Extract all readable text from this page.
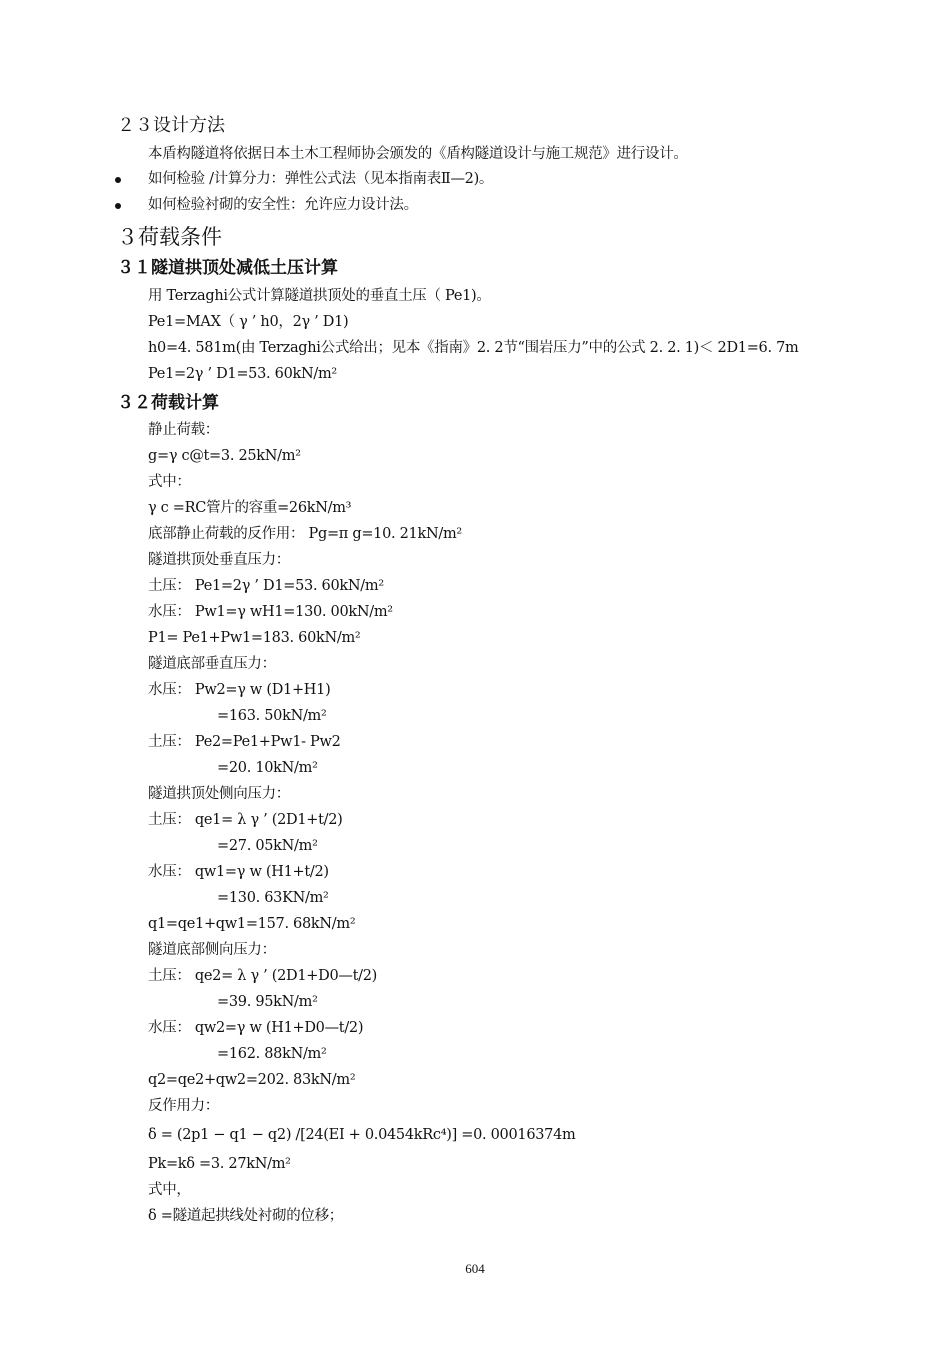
２３设计方法
本盾构隧道将依据日本土木工程师协会颁发的《盾构隧道设计与施工规范》进行设计。
如何检验 /计算分力：弹性公式法（见本指南表Ⅱ—2)。
如何检验衬砌的安全性：允许应力设计法。
３荷载条件
３１隧道拱顶处减低土压计算
用 Terzaghi公式计算隧道拱顶处的垂直土压（ Pe1)。
Pe1=MAX（ γ ’ h0，2γ ’ D1)
h0=4. 581m(由 Terzaghi公式给出；见本《指南》2. 2节“围岩压力”中的公式 2. 2. 1)＜ 2D1=6. 7m
Pe1=2γ ’ D1=53. 60kN/m²
３２荷载计算
静止荷载：
g=γ c@t=3. 25kN/m²
式中：
γ c =RC管片的容重=26kN/m³
底部静止荷载的反作用： Pg=π g=10. 21kN/m²
隧道拱顶处垂直压力：
土压： Pe1=2γ ’ D1=53. 60kN/m²
水压： Pw1=γ wH1=130. 00kN/m²
P1= Pe1+Pw1=183. 60kN/m²
隧道底部垂直压力：
水压： Pw2=γ w (D1+H1)
=163. 50kN/m²
土压： Pe2=Pe1+Pw1- Pw2
=20. 10kN/m²
隧道拱顶处侧向压力：
土压： qe1= λ γ ’ (2D1+t/2)
=27. 05kN/m²
水压： qw1=γ w (H1+t/2)
=130. 63KN/m²
q1=qe1+qw1=157. 68kN/m²
隧道底部侧向压力：
土压： qe2= λ γ ’ (2D1+D0—t/2)
=39. 95kN/m²
水压： qw2=γ w (H1+D0—t/2)
=162. 88kN/m²
q2=qe2+qw2=202. 83kN/m²
反作用力：
δ = (2p1 − q1 − q2) /[24(EI + 0.0454kRc⁴)] =0. 00016374m
Pk=kδ =3. 27kN/m²
式中，
δ =隧道起拱线处衬砌的位移；
604
